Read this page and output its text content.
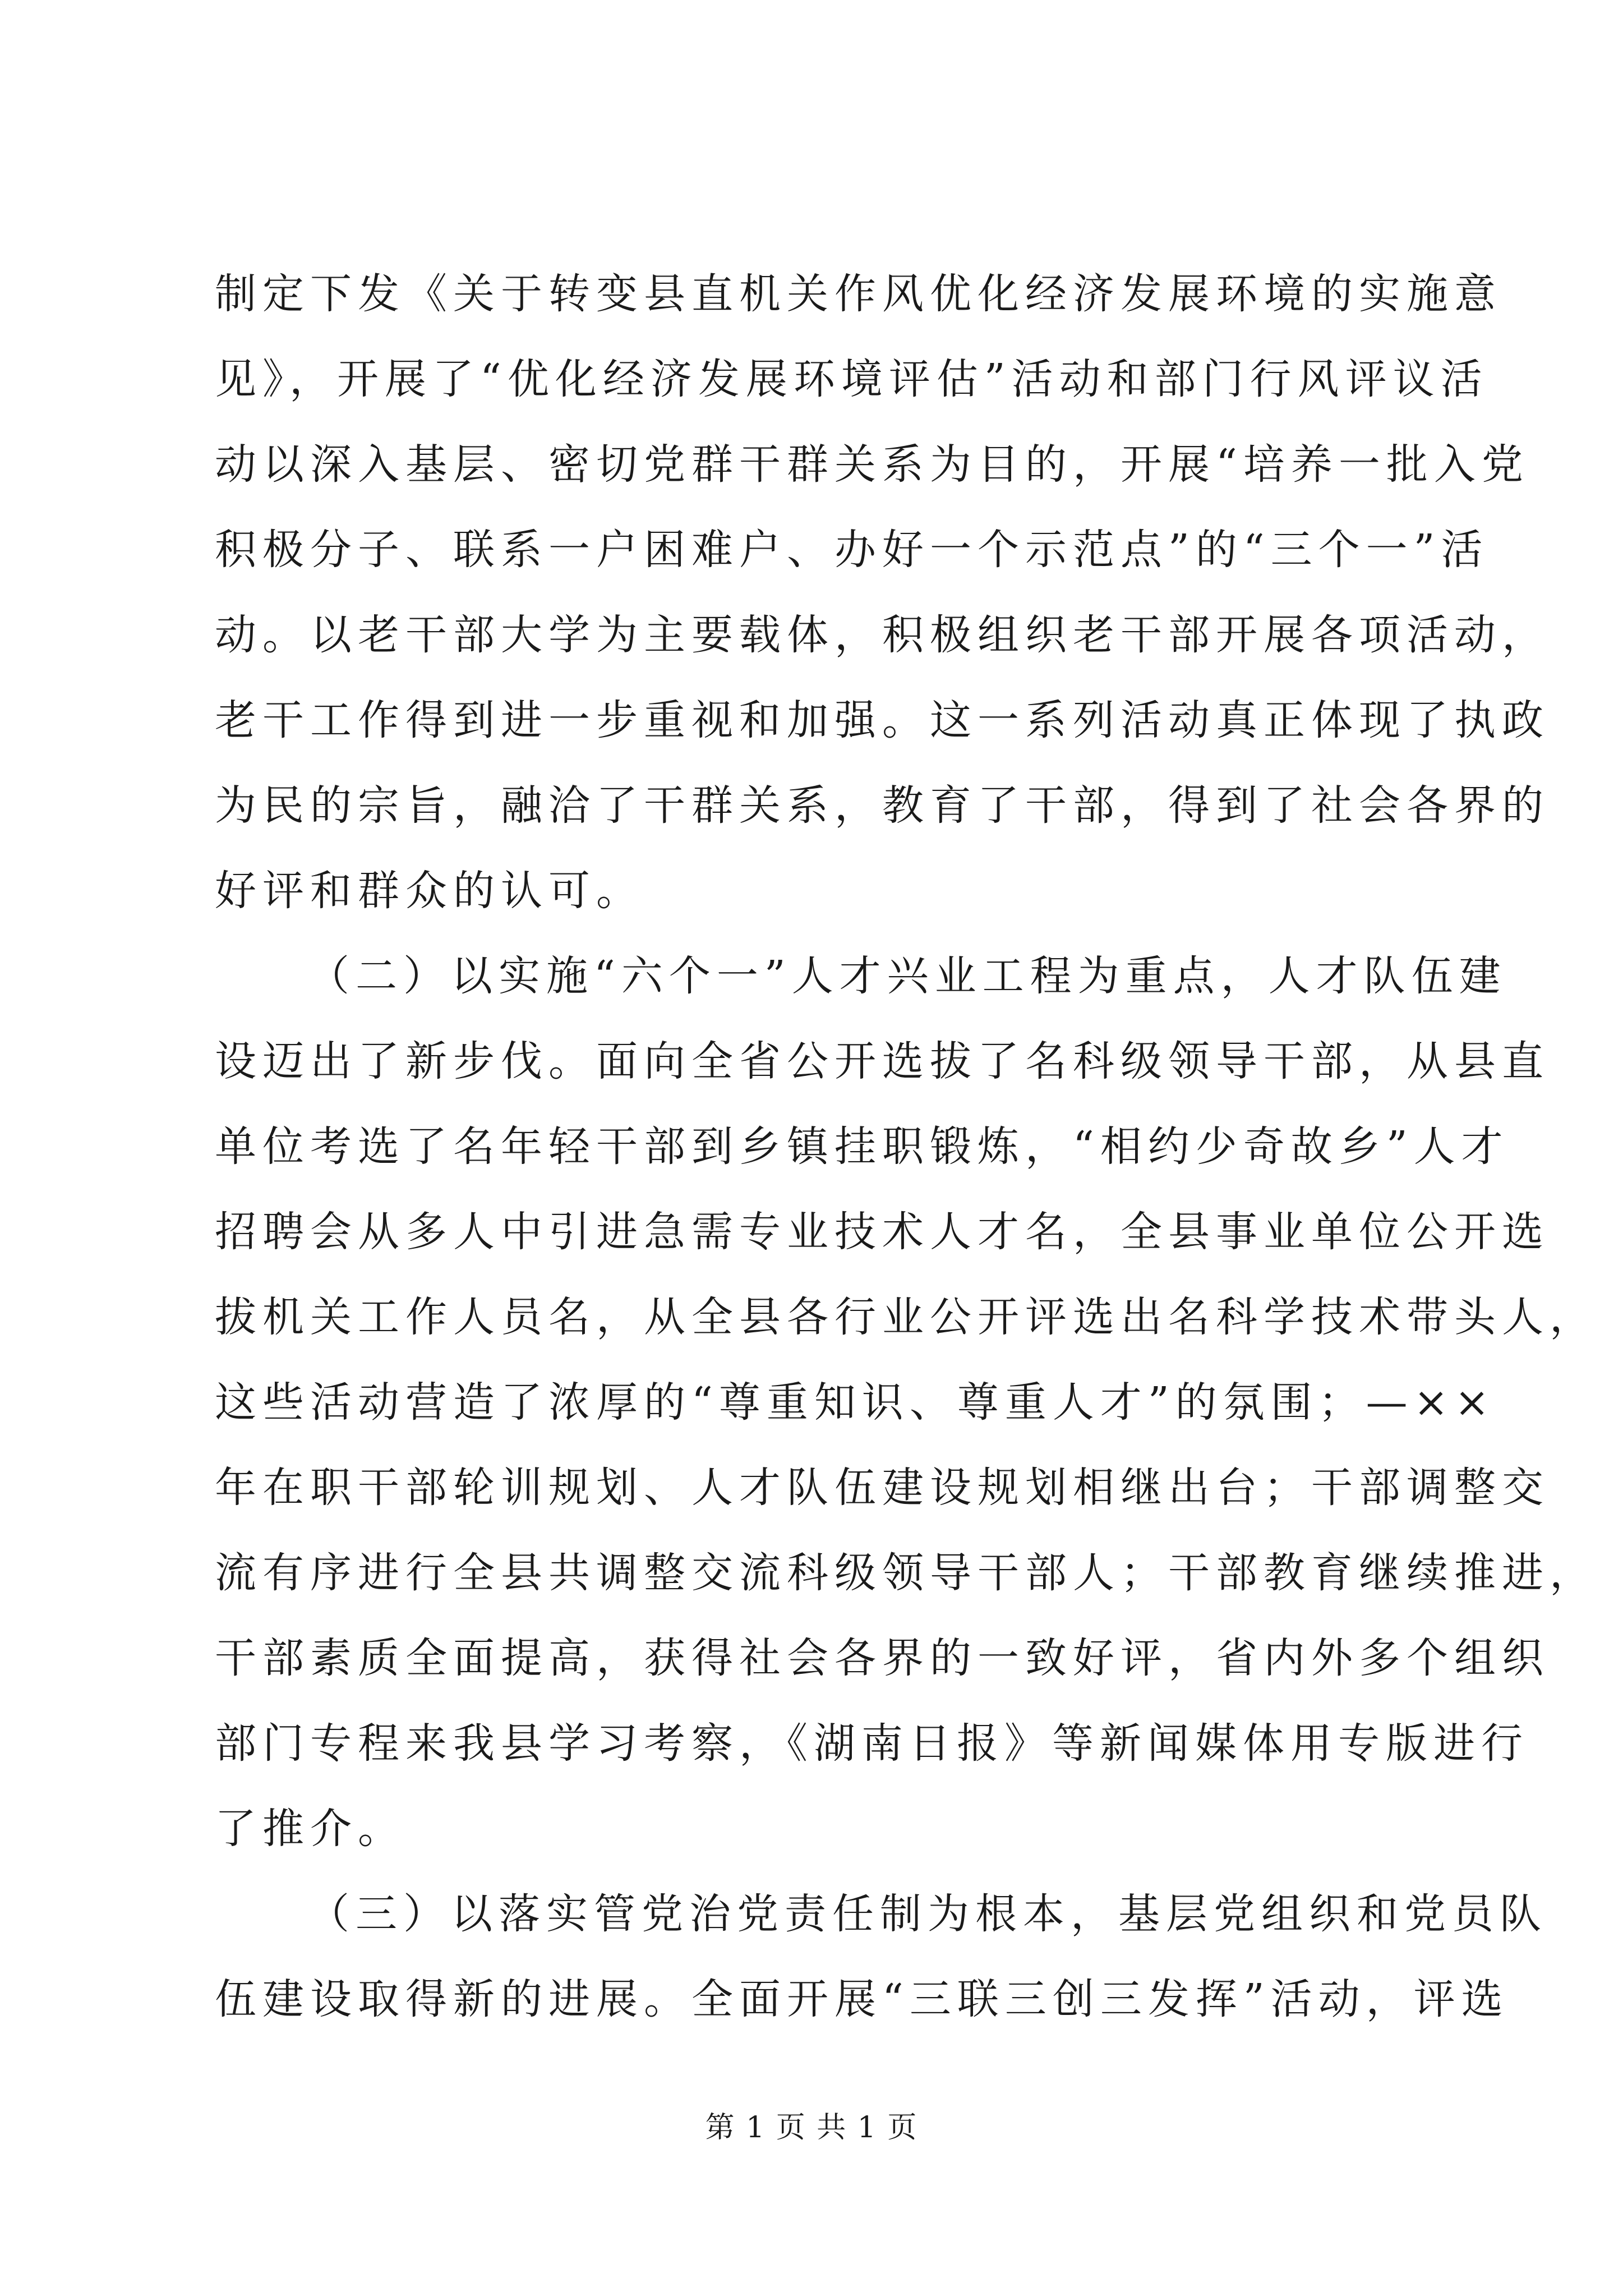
制定下发《关于转变县直机关作风优化经济发展环境的实施意
见》，开展了“优化经济发展环境评估”活动和部门行风评议活
动以深入基层、密切党群干群关系为目的，开展“培养一批入党
积极分子、联系一户困难户、办好一个示范点”的“三个一”活
动。以老干部大学为主要载体，积极组织老干部开展各项活动，
老干工作得到进一步重视和加强。这一系列活动真正体现了执政
为民的宗旨，融洽了干群关系，教育了干部，得到了社会各界的
好评和群众的认可。
（二）以实施“六个一”人才兴业工程为重点，人才队伍建
设迈出了新步伐。面向全省公开选拔了名科级领导干部，从县直
单位考选了名年轻干部到乡镇挂职锻炼，“相约少奇故乡”人才
招聘会从多人中引进急需专业技术人才名，全县事业单位公开选
拔机关工作人员名，从全县各行业公开评选出名科学技术带头人，
这些活动营造了浓厚的“尊重知识、尊重人才”的氛围；—××
年在职干部轮训规划、人才队伍建设规划相继出台；干部调整交
流有序进行全县共调整交流科级领导干部人；干部教育继续推进，
干部素质全面提高，获得社会各界的一致好评，省内外多个组织
部门专程来我县学习考察，《湖南日报》等新闻媒体用专版进行
了推介。
（三）以落实管党治党责任制为根本，基层党组织和党员队
伍建设取得新的进展。全面开展“三联三创三发挥”活动，评选
第 1 页 共 1 页
